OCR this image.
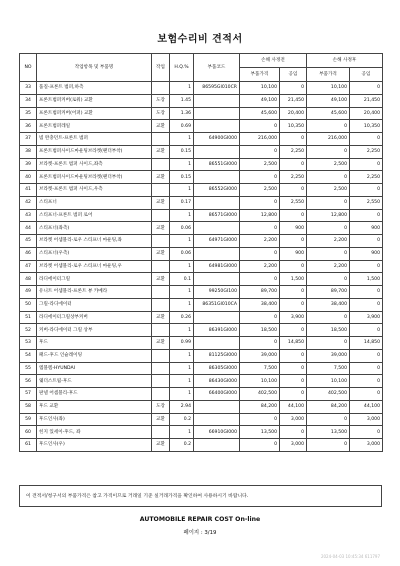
보험수리비 견적서
NO	작업항목 및 부품명	작업	H.Q.%	부품코드	손해 사정전		손해 사정후	
					부품가격	공임	부품가격	공임
33	품질-프론트 범퍼,하측		1	86595GI010CR	10,100	0	10,100	0
34	프론트범퍼커버(로워) 교환	도장	1.45		49,100	21,450	49,100	21,450
35	프론트범퍼커버(어퍼) 교환	도장	1.36		45,600	20,400	45,600	20,400
36	프론트범퍼레일	교환	0.69		0	10,350	0	10,350
37	빔 완충던트-프론트 범퍼		1	64900GI000	216,000	0	216,000	0
38	프론트범퍼사이드마운팅브라켓(팬더부착)	교환	0.15		0	2,250	0	2,250
39	브라켓-프론트 범퍼 사이드,좌측		1	86551GI000	2,500	0	2,500	0
40	프론트범퍼사이드마운팅브라켓(팬더부착)	교환	0.15		0	2,250	0	2,250
41	브라켓-프론트 범퍼 사이드,우측		1	86552GI000	2,500	0	2,500	0
42	스티프너	교환	0.17		0	2,550	0	2,550
43	스티프너-프론트 범퍼 로어		1	86571GI000	12,800	0	12,800	0
44	스티프너(좌측)	교환	0.06		0	900	0	900
45	브라켓 어셈블리-로우 스티프너 마운팅,좌		1	64971GI000	2,200	0	2,200	0
46	스티프너(우측)	교환	0.06		0	900	0	900
47	브라켓 어셈블리-로우 스티프너 마운팅,우		1	64981GI000	2,200	0	2,200	0
48	라디에이터그릴	교환	0.1		0	1,500	0	1,500
49	유니트 어셈블리-프론트 뷰 카메라		1	99250GI100	89,700	0	89,700	0
50	그릴-라디에이터		1	86351GI010CA	38,400	0	38,400	0
51	라디에이터그릴상부커버	교환	0.26		0	3,900	0	3,900
52	커버-라디에이터 그릴 상부		1	86391GI000	18,500	0	18,500	0
53	후드	교환	0.99		0	14,850	0	14,850
54	패드-후드 인슐레이팅		1	81125GI000	39,000	0	39,000	0
55	엠블렘-HYUNDAI		1	86305GI000	7,500	0	7,500	0
56	웨더스트립-후드		1	86430GI000	10,100	0	10,100	0
57	판넬 어셈블리-후드		1	66400GI000	402,500	0	402,500	0
58	후드 교환	도장	2.94		84,200	44,100	84,200	44,100
59	후드인사(좌)	교환	0.2		0	3,000	0	3,000
60	힌지 있세이-후드, 좌		1	66910GI000	13,500	0	13,500	0
61	후드인사(우)	교환	0.2		0	3,000	0	3,000
이 견적서/청구서의 부품가격은 참고 가격이므로 거래일 기준 실거래가격을 확인하여 사용하시기 바랍니다.
AUTOMOBILE REPAIR COST On-line
페이지 : 3/19
2024-04-03 10:45:34 611797
